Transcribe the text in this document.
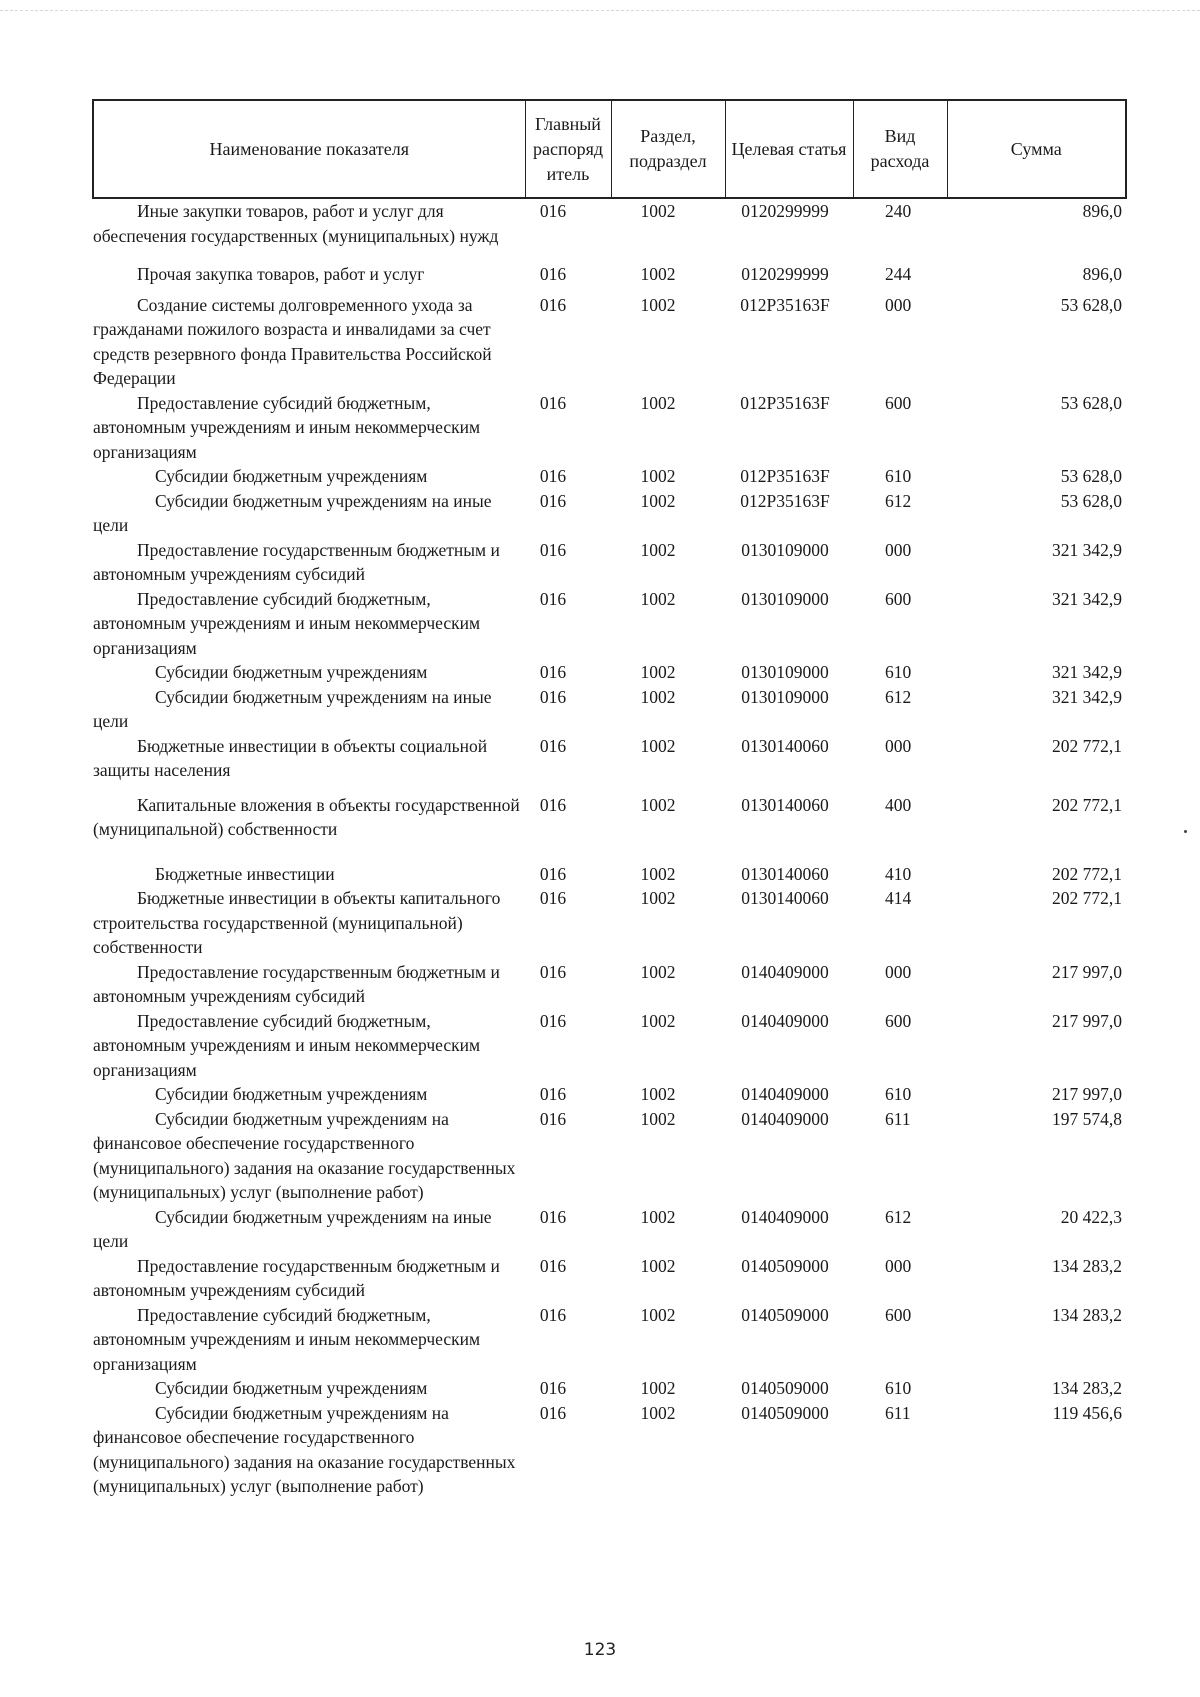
Наименование показателя	Главный распоряд итель	Раздел, подраздел	Целевая статья	Вид расхода	Сумма
Иные закупки товаров, работ и услуг для обеспечения государственных (муниципальных) нужд	016	1002	0120299999	240	896,0
Прочая закупка товаров, работ и услуг	016	1002	0120299999	244	896,0
Создание системы долговременного ухода за гражданами пожилого возраста и инвалидами за счет средств резервного фонда Правительства Российской Федерации	016	1002	012P35163F	000	53 628,0
Предоставление субсидий бюджетным, автономным учреждениям и иным некоммерческим организациям	016	1002	012P35163F	600	53 628,0
Субсидии бюджетным учреждениям	016	1002	012P35163F	610	53 628,0
Субсидии бюджетным учреждениям на иные цели	016	1002	012P35163F	612	53 628,0
Предоставление государственным бюджетным и автономным учреждениям субсидий	016	1002	0130109000	000	321 342,9
Предоставление субсидий бюджетным, автономным учреждениям и иным некоммерческим организациям	016	1002	0130109000	600	321 342,9
Субсидии бюджетным учреждениям	016	1002	0130109000	610	321 342,9
Субсидии бюджетным учреждениям на иные цели	016	1002	0130109000	612	321 342,9
Бюджетные инвестиции в объекты социальной защиты населения	016	1002	0130140060	000	202 772,1
Капитальные вложения в объекты государственной (муниципальной) собственности	016	1002	0130140060	400	202 772,1
Бюджетные инвестиции	016	1002	0130140060	410	202 772,1
Бюджетные инвестиции в объекты капитального строительства государственной (муниципальной) собственности	016	1002	0130140060	414	202 772,1
Предоставление государственным бюджетным и автономным учреждениям субсидий	016	1002	0140409000	000	217 997,0
Предоставление субсидий бюджетным, автономным учреждениям и иным некоммерческим организациям	016	1002	0140409000	600	217 997,0
Субсидии бюджетным учреждениям	016	1002	0140409000	610	217 997,0
Субсидии бюджетным учреждениям на финансовое обеспечение государственного (муниципального) задания на оказание государственных (муниципальных) услуг (выполнение работ)	016	1002	0140409000	611	197 574,8
Субсидии бюджетным учреждениям на иные цели	016	1002	0140409000	612	20 422,3
Предоставление государственным бюджетным и автономным учреждениям субсидий	016	1002	0140509000	000	134 283,2
Предоставление субсидий бюджетным, автономным учреждениям и иным некоммерческим организациям	016	1002	0140509000	600	134 283,2
Субсидии бюджетным учреждениям	016	1002	0140509000	610	134 283,2
Субсидии бюджетным учреждениям на финансовое обеспечение государственного (муниципального) задания на оказание государственных (муниципальных) услуг (выполнение работ)	016	1002	0140509000	611	119 456,6
123
